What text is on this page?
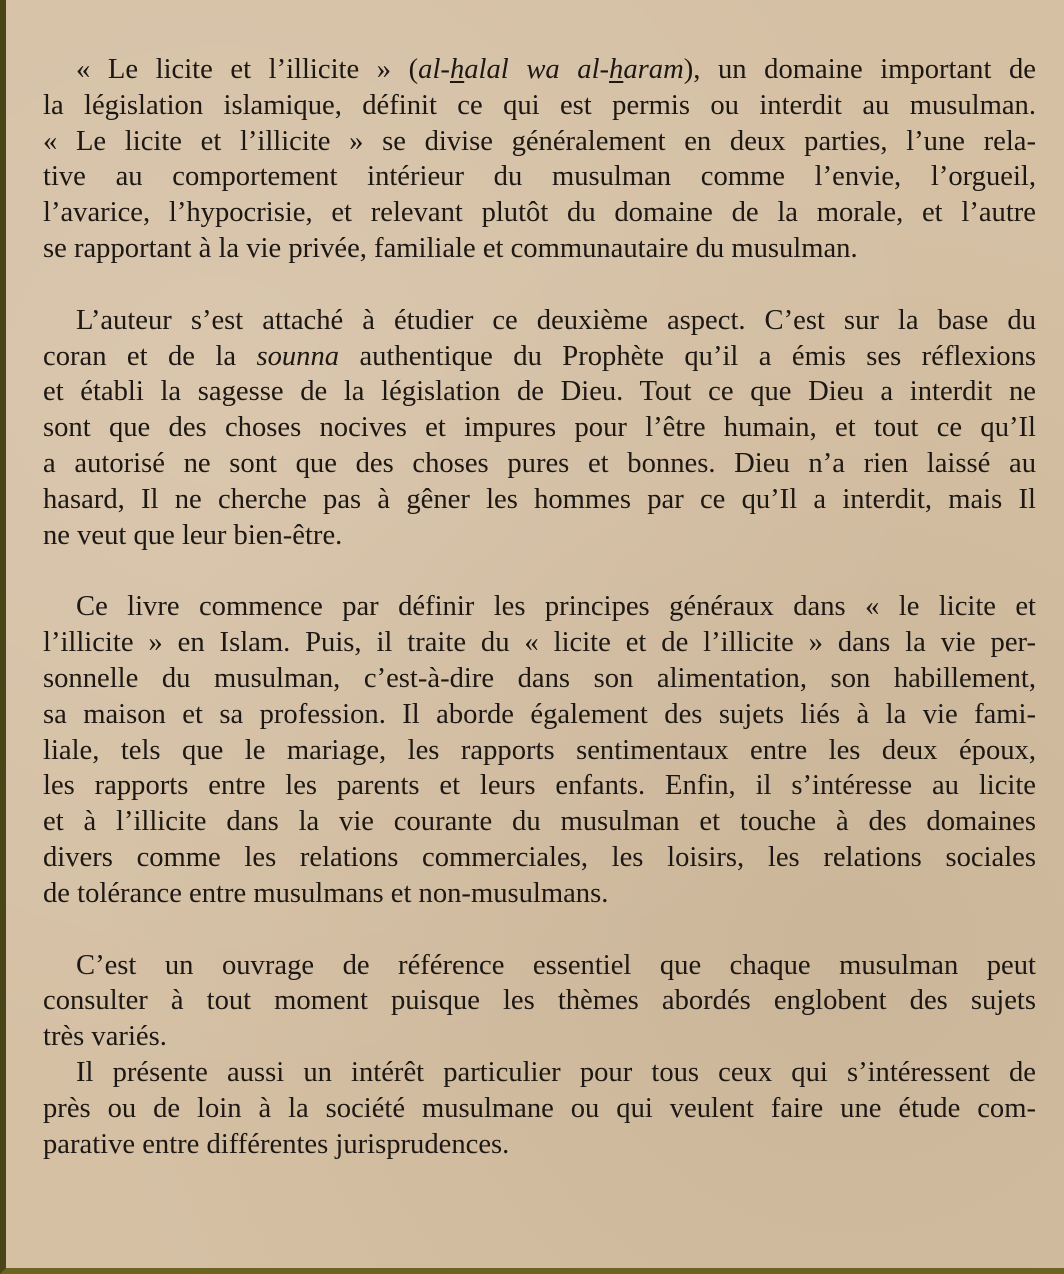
« Le licite et l’illicite » (al-halal wa al-haram), un domaine important de
la législation islamique, définit ce qui est permis ou interdit au musulman.
« Le licite et l’illicite » se divise généralement en deux parties, l’une rela-
tive au comportement intérieur du musulman comme l’envie, l’orgueil,
l’avarice, l’hypocrisie, et relevant plutôt du domaine de la morale, et l’autre
se rapportant à la vie privée, familiale et communautaire du musulman.
L’auteur s’est attaché à étudier ce deuxième aspect. C’est sur la base du
coran et de la sounna authentique du Prophète qu’il a émis ses réflexions
et établi la sagesse de la législation de Dieu. Tout ce que Dieu a interdit ne
sont que des choses nocives et impures pour l’être humain, et tout ce qu’Il
a autorisé ne sont que des choses pures et bonnes. Dieu n’a rien laissé au
hasard, Il ne cherche pas à gêner les hommes par ce qu’Il a interdit, mais Il
ne veut que leur bien-être.
Ce livre commence par définir les principes généraux dans « le licite et
l’illicite » en Islam. Puis, il traite du « licite et de l’illicite » dans la vie per-
sonnelle du musulman, c’est-à-dire dans son alimentation, son habillement,
sa maison et sa profession. Il aborde également des sujets liés à la vie fami-
liale, tels que le mariage, les rapports sentimentaux entre les deux époux,
les rapports entre les parents et leurs enfants. Enfin, il s’intéresse au licite
et à l’illicite dans la vie courante du musulman et touche à des domaines
divers comme les relations commerciales, les loisirs, les relations sociales
de tolérance entre musulmans et non-musulmans.
C’est un ouvrage de référence essentiel que chaque musulman peut
consulter à tout moment puisque les thèmes abordés englobent des sujets
très variés.
Il présente aussi un intérêt particulier pour tous ceux qui s’intéressent de
près ou de loin à la société musulmane ou qui veulent faire une étude com-
parative entre différentes jurisprudences.
